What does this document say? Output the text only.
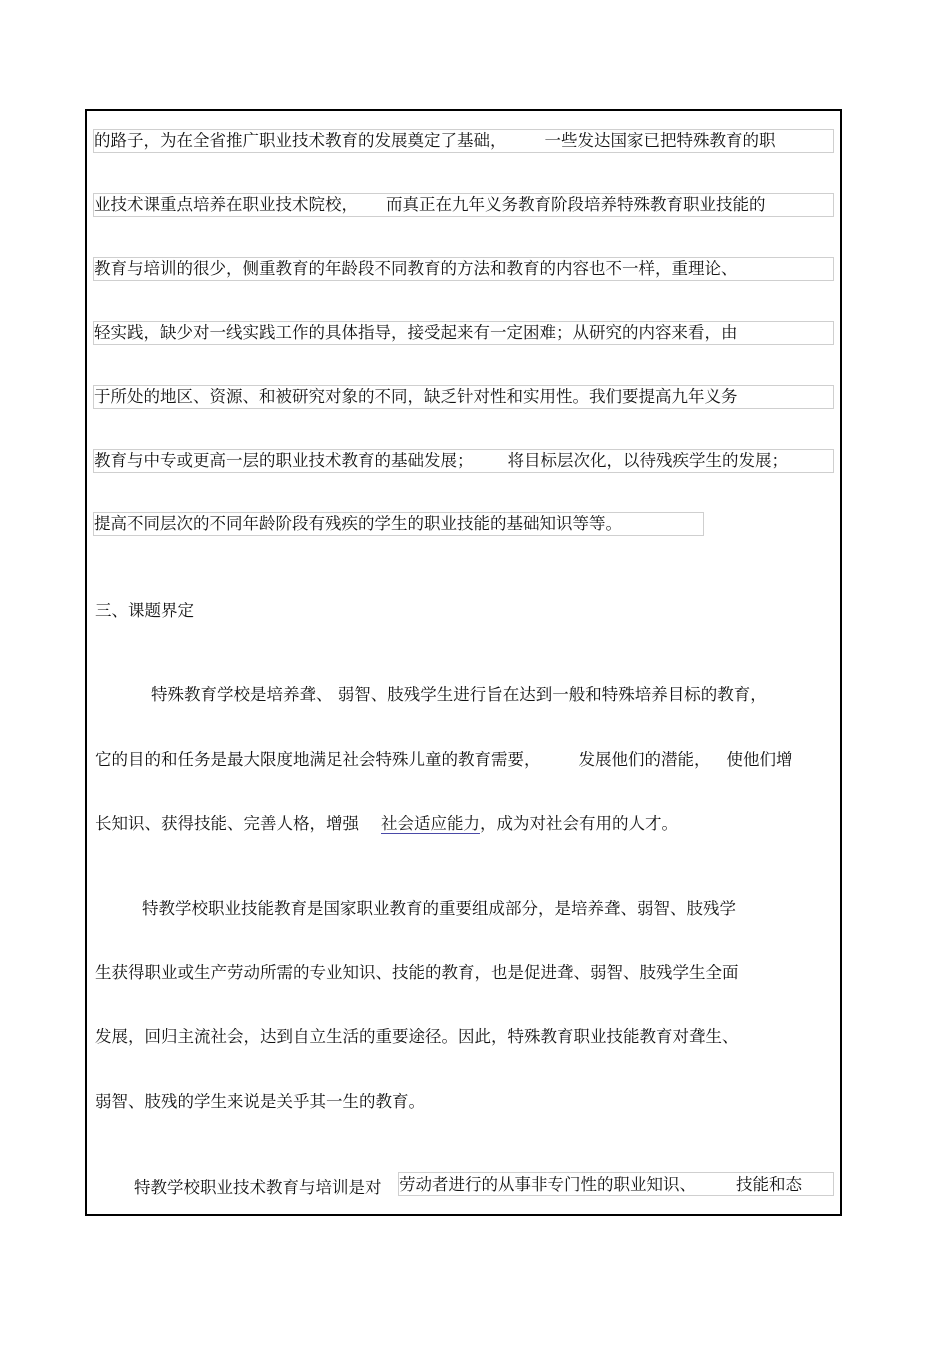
的路子，为在全省推广职业技术教育的发展奠定了基础， 一些发达国家已把特殊教育的职
业技术课重点培养在职业技术院校， 而真正在九年义务教育阶段培养特殊教育职业技能的
教育与培训的很少，侧重教育的年龄段不同教育的方法和教育的内容也不一样，重理论、
轻实践，缺少对一线实践工作的具体指导，接受起来有一定困难；从研究的内容来看，由
于所处的地区、资源、和被研究对象的不同，缺乏针对性和实用性。我们要提高九年义务
教育与中专或更高一层的职业技术教育的基础发展； 将目标层次化，以待残疾学生的发展；
提高不同层次的不同年龄阶段有残疾的学生的职业技能的基础知识等等。
三、课题界定
特殊教育学校是培养聋、 弱智、肢残学生进行旨在达到一般和特殊培养目标的教育，
它的目的和任务是最大限度地满足社会特殊儿童的教育需要， 发展他们的潜能， 使他们增
长知识、获得技能、完善人格，增强 社会适应能力，成为对社会有用的人才。
特教学校职业技能教育是国家职业教育的重要组成部分，是培养聋、弱智、肢残学
生获得职业或生产劳动所需的专业知识、技能的教育，也是促进聋、弱智、肢残学生全面
发展，回归主流社会，达到自立生活的重要途径。因此，特殊教育职业技能教育对聋生、
弱智、肢残的学生来说是关乎其一生的教育。
特教学校职业技术教育与培训是对 劳动者进行的从事非专门性的职业知识、 技能和态
